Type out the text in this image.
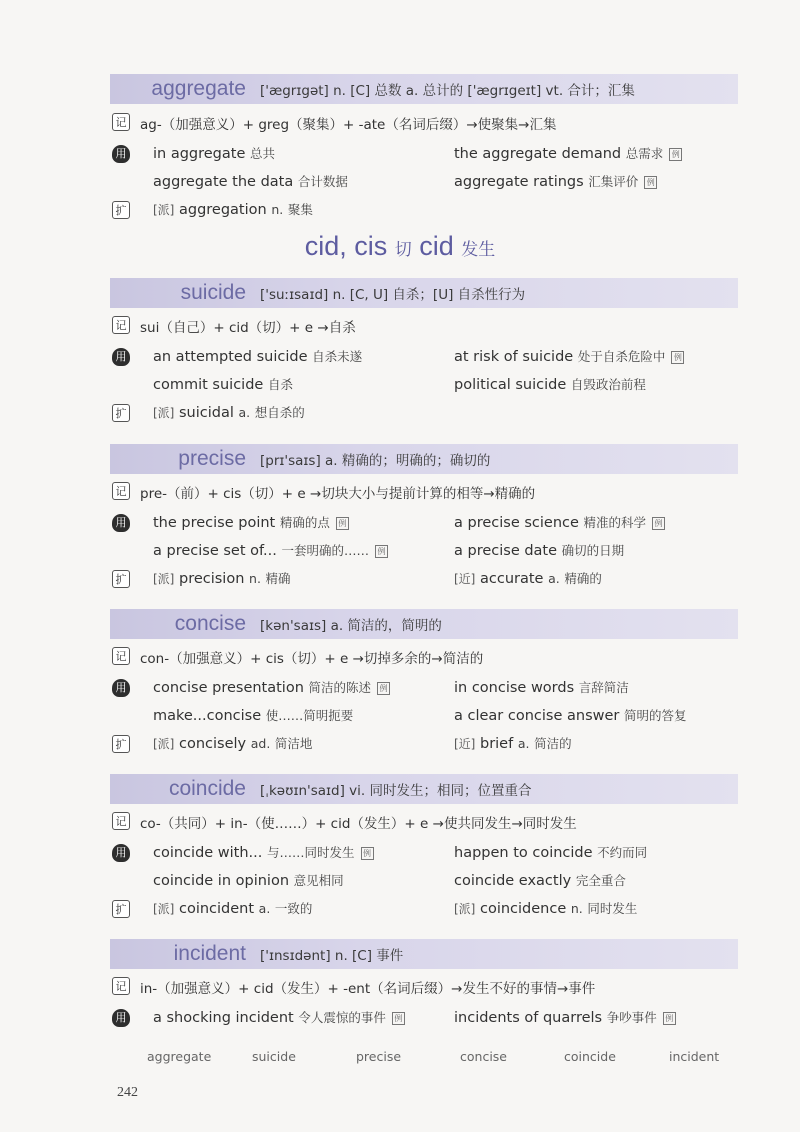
aggregate	['ægrɪgət] n. [C] 总数 a. 总计的 ['ægrɪgeɪt] vt. 合计；汇集
记 ag-（加强意义）+ greg（聚集）+ -ate（名词后缀）→使聚集→汇集
用 in aggregate 总共	the aggregate demand 总需求 例
aggregate the data 合计数据	aggregate ratings 汇集评价 例
扩 [派] aggregation n. 聚集
cid, cis 切 cid 发生
suicide	['suːɪsaɪd] n. [C, U] 自杀；[U] 自杀性行为
记 sui（自己）+ cid（切）+ e →自杀
用 an attempted suicide 自杀未遂	at risk of suicide 处于自杀危险中 例
commit suicide 自杀	political suicide 自毁政治前程
扩 [派] suicidal a. 想自杀的
precise	[prɪ'saɪs] a. 精确的；明确的；确切的
记 pre-（前）+ cis（切）+ e →切块大小与提前计算的相等→精确的
用 the precise point 精确的点 例	a precise science 精准的科学 例
a precise set of... 一套明确的…… 例	a precise date 确切的日期
扩 [派] precision n. 精确	[近] accurate a. 精确的
concise	[kən'saɪs] a. 简洁的，简明的
记 con-（加强意义）+ cis（切）+ e →切掉多余的→简洁的
用 concise presentation 简洁的陈述 例	in concise words 言辞简洁
make...concise 使……简明扼要	a clear concise answer 简明的答复
扩 [派] concisely ad. 简洁地	[近] brief a. 简洁的
coincide	[ˌkəʊɪn'saɪd] vi. 同时发生；相同；位置重合
记 co-（共同）+ in-（使……）+ cid（发生）+ e →使共同发生→同时发生
用 coincide with... 与……同时发生 例	happen to coincide 不约而同
coincide in opinion 意见相同	coincide exactly 完全重合
扩 [派] coincident a. 一致的	[派] coincidence n. 同时发生
incident	['ɪnsɪdənt] n. [C] 事件
记 in-（加强意义）+ cid（发生）+ -ent（名词后缀）→发生不好的事情→事件
用 a shocking incident 令人震惊的事件 例	incidents of quarrels 争吵事件 例
aggregate	suicide	precise	concise	coincide	incident
242
